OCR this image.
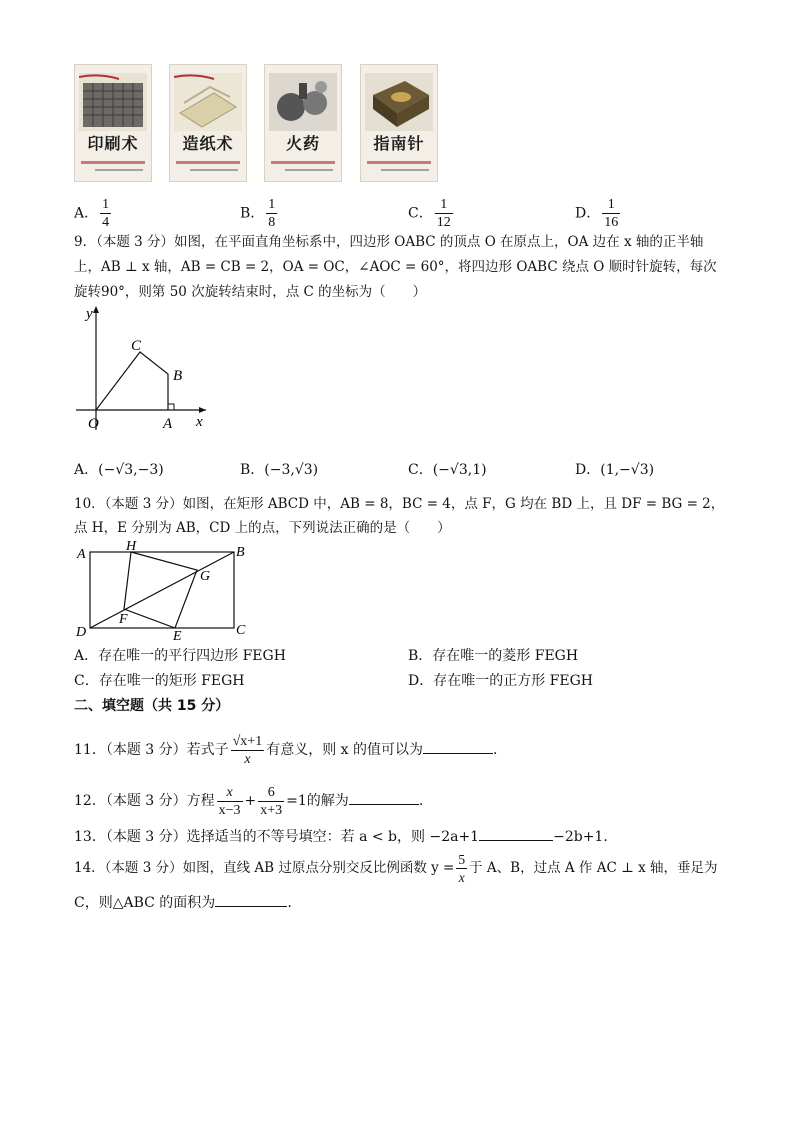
印刷术	造纸术	火药	指南针
A． $\frac{1}{4}$	B． $\frac{1}{8}$	C． $\frac{1}{12}$	D． $\frac{1}{16}$
9．（本题 3 分）如图，在平面直角坐标系中，四边形 OABC 的顶点 O 在原点上，OA 边在 x 轴的正半轴
上，AB ⊥ x 轴，AB = CB = 2，OA = OC，∠AOC = 60°，将四边形 OABC 绕点 O 顺时针旋转，每次
旋转90°，则第 50 次旋转结束时，点 C 的坐标为（　　）
y
x
O	A
B
C
A．(−√3,−3)	B．(−3,√3)	C．(−√3,1)	D．(1,−√3)
10．（本题 3 分）如图，在矩形 ABCD 中，AB = 8，BC = 4，点 F，G 均在 BD 上，且 DF = BG = 2，
点 H，E 分别为 AB，CD 上的点，下列说法正确的是（　　）
A
H	B
G
F
D	E	C
A．存在唯一的平行四边形 FEGH	B．存在唯一的菱形 FEGH
C．存在唯一的矩形 FEGH	D．存在唯一的正方形 FEGH
二、填空题（共 15 分）
11．（本题 3 分）若式子 $\frac{√x+1}{x}$ 有意义，则 x 的值可以为	.
12．（本题 3 分）方程 $\frac{x}{x-3} + \frac{6}{x+3} =1$的解为	.
13．（本题 3 分）选择适当的不等号填空：若 a < b，则 −2a+1	−2b+1.
14．（本题 3 分）如图，直线 AB 过原点分别交反比例函数 $y = \frac{5}{x}$ 于 A、B，过点 A 作 AC ⊥ x 轴，垂足为
C，则△ABC 的面积为	.
